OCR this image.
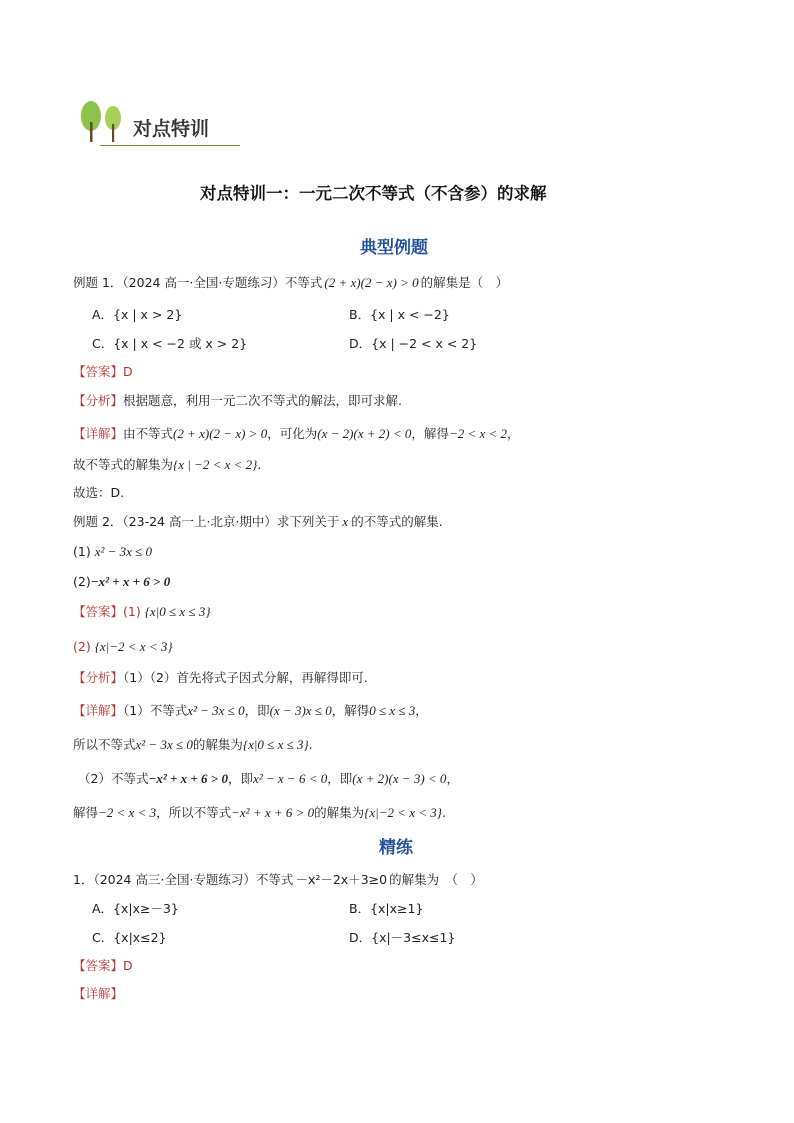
对点特训
对点特训一：一元二次不等式（不含参）的求解
典型例题
例题 1．（2024 高一·全国·专题练习）不等式 (2 + x)(2 − x) > 0 的解集是（　）
A．{x | x > 2}	B．{x | x < −2}
C．{x | x < −2 或 x > 2}	D．{x | −2 < x < 2}
【答案】D
【分析】根据题意，利用一元二次不等式的解法，即可求解.
【详解】由不等式(2 + x)(2 − x) > 0，可化为(x − 2)(x + 2) < 0，解得−2 < x < 2，
故不等式的解集为{x | −2 < x < 2}.
故选：D.
例题 2．（23-24 高一上·北京·期中）求下列关于 x 的不等式的解集.
(1) x² − 3x ≤ 0
(2)−x² + x + 6 > 0
【答案】(1) {x|0 ≤ x ≤ 3}
(2) {x|−2 < x < 3}
【分析】（1）（2）首先将式子因式分解，再解得即可.
【详解】（1）不等式x² − 3x ≤ 0，即(x − 3)x ≤ 0，解得0 ≤ x ≤ 3，
所以不等式x² − 3x ≤ 0的解集为{x|0 ≤ x ≤ 3}.
（2）不等式−x² + x + 6 > 0，即x² − x − 6 < 0，即(x + 2)(x − 3) < 0，
解得−2 < x < 3，所以不等式−x² + x + 6 > 0的解集为{x|−2 < x < 3}.
精练
1．（2024 高三·全国·专题练习）不等式 －x²－2x＋3≥0 的解集为　（　）
A．{x|x≥－3}	B．{x|x≥1}
C．{x|x≤2}	D．{x|－3≤x≤1}
【答案】D
【详解】
